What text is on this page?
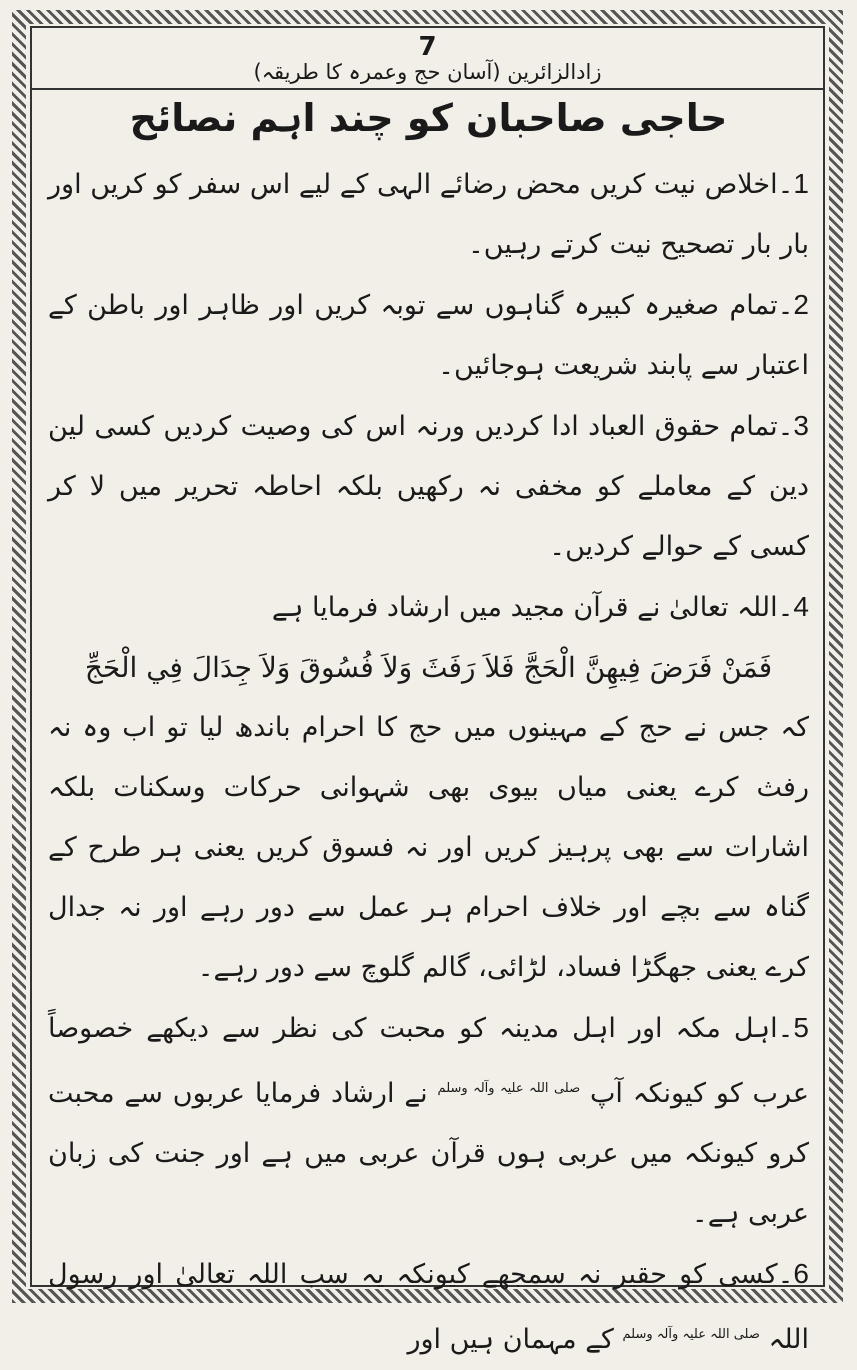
7
زادالزائرین (آسان حج وعمرہ کا طریقہ)
حاجی صاحبان کو چند اہم نصائح

1۔اخلاص نیت کریں محض رضائے الہی کے لیے اس سفر کو کریں اور بار بار تصحیح نیت کرتے رہیں۔

2۔تمام صغیرہ کبیرہ گناہوں سے توبہ کریں اور ظاہر اور باطن کے اعتبار سے پابند شریعت ہوجائیں۔

3۔تمام حقوق العباد ادا کردیں ورنہ اس کی وصیت کردیں کسی لین دین کے معاملے کو مخفی نہ رکھیں بلکہ احاطہ تحریر میں لا کر کسی کے حوالے کردیں۔

4۔اللہ تعالیٰ نے قرآن مجید میں ارشاد فرمایا ہے

فَمَنْ فَرَضَ فِيهِنَّ الْحَجَّ فَلاَ رَفَثَ وَلاَ فُسُوقَ وَلاَ جِدَالَ فِي الْحَجِّ

کہ جس نے حج کے مہینوں میں حج کا احرام باندھ لیا تو اب وہ نہ رفث کرے یعنی میاں بیوی بھی شہوانی حرکات وسکنات بلکہ اشارات سے بھی پرہیز کریں اور نہ فسوق کریں یعنی ہر طرح کے گناہ سے بچے اور خلاف احرام ہر عمل سے دور رہے اور نہ جدال کرے یعنی جھگڑا فساد، لڑائی، گالم گلوچ سے دور رہے۔

5۔اہل مکہ اور اہل مدینہ کو محبت کی نظر سے دیکھے خصوصاً عرب کو کیونکہ آپ $^{صلی اللہ علیہ وآلہ وسلم}$ نے ارشاد فرمایا عربوں سے محبت کرو کیونکہ میں عربی ہوں قرآن عربی میں ہے اور جنت کی زبان عربی ہے۔

6۔کسی کو حقیر نہ سمجھے کیونکہ یہ سب اللہ تعالیٰ اور رسول اللہ $^{صلی اللہ علیہ وآلہ وسلم}$ کے مہمان ہیں اور
